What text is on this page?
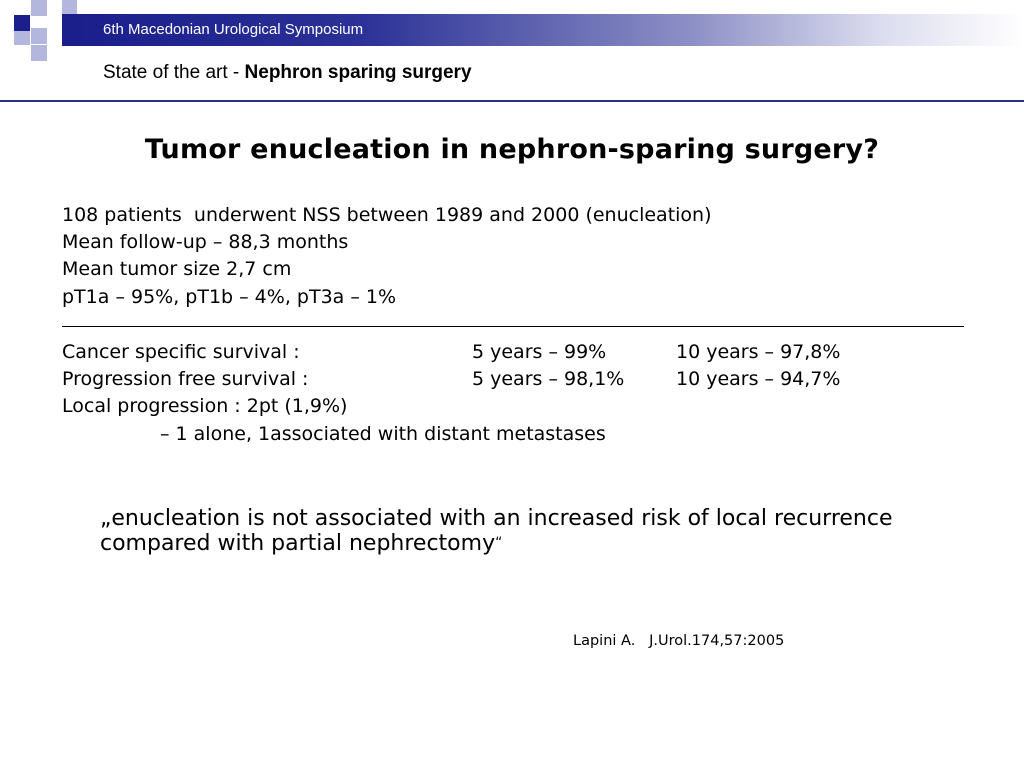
6th Macedonian Urological Symposium
State of the art - Nephron sparing surgery
Tumor enucleation in nephron-sparing surgery?
108 patients  underwent NSS between 1989 and 2000 (enucleation)
Mean follow-up – 88,3 months
Mean tumor size 2,7 cm
pT1a – 95%, pT1b – 4%, pT3a – 1%
Cancer specific survival :	5 years – 99%	10 years – 97,8%
Progression free survival :	5 years – 98,1%	10 years – 94,7%
Local progression : 2pt (1,9%)
– 1 alone, 1associated with distant metastases
„enucleation is not associated with an increased risk of local recurrence compared with partial nephrectomy“
Lapini A.   J.Urol.174,57:2005
